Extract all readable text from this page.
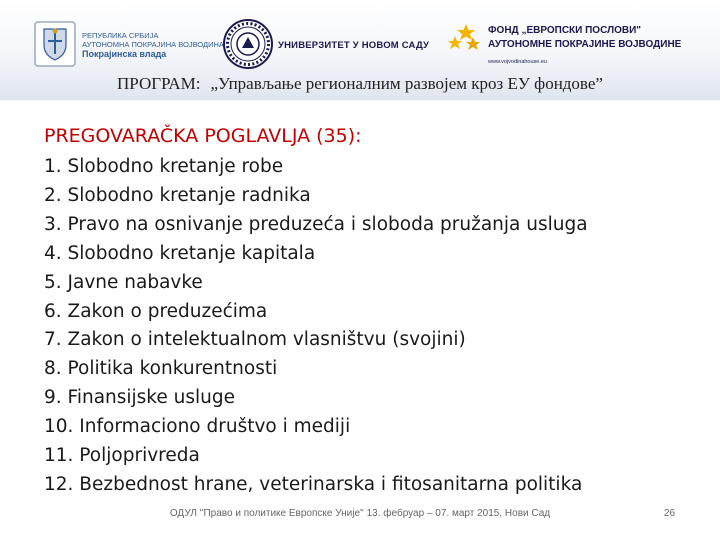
РЕПУБЛИКА СРБИЈА
АУТОНОМНА ПОКРАЈИНА ВОЈВОДИНА
Покрајинска влада
УНИВЕРЗИТЕТ У НОВОМ САДУ
ФОНД „ЕВРОПСКИ ПОСЛОВИ"
АУТОНОМНЕ ПОКРАЈИНЕ ВОЈВОДИНЕ
www.vojvodinahouse.eu
ПРОГРАМ: „Управљање регионалним развојем кроз ЕУ фондове”
PREGOVARAČKA POGLAVLJA (35):
1. Slobodno kretanje robe
2. Slobodno kretanje radnika
3. Pravo na osnivanje preduzeća i sloboda pružanja usluga
4. Slobodno kretanje kapitala
5. Javne nabavke
6. Zakon o preduzećima
7. Zakon o intelektualnom vlasništvu (svojini)
8. Politika konkurentnosti
9. Finansijske usluge
10. Informaciono društvo i mediji
11. Poljoprivreda
12. Bezbednost hrane, veterinarska i fitosanitarna politika
ОДУЛ ''Право и политике Европске Уније'' 13. фебруар – 07. март 2015, Нови Сад	26
